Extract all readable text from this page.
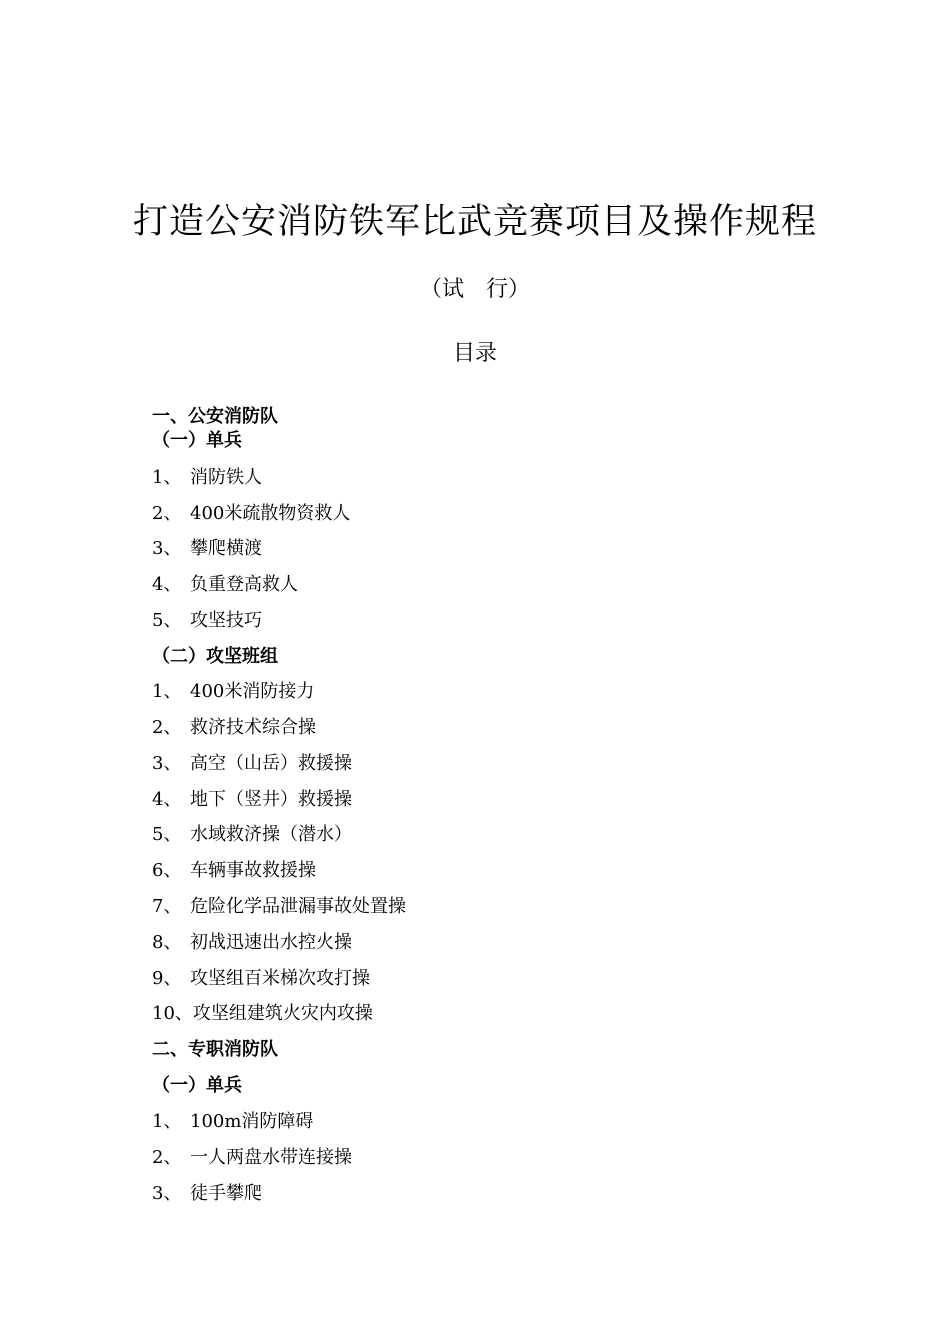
打造公安消防铁军比武竞赛项目及操作规程
（试　行）
目录
一、公安消防队
（一）单兵
1、 消防铁人
2、 400米疏散物资救人
3、 攀爬横渡
4、 负重登高救人
5、 攻坚技巧
（二）攻坚班组
1、 400米消防接力
2、 救济技术综合操
3、 高空（山岳）救援操
4、 地下（竖井）救援操
5、 水域救济操（潜水）
6、 车辆事故救援操
7、 危险化学品泄漏事故处置操
8、 初战迅速出水控火操
9、 攻坚组百米梯次攻打操
10、攻坚组建筑火灾内攻操
二、专职消防队
（一）单兵
1、 100m消防障碍
2、 一人两盘水带连接操
3、 徒手攀爬
